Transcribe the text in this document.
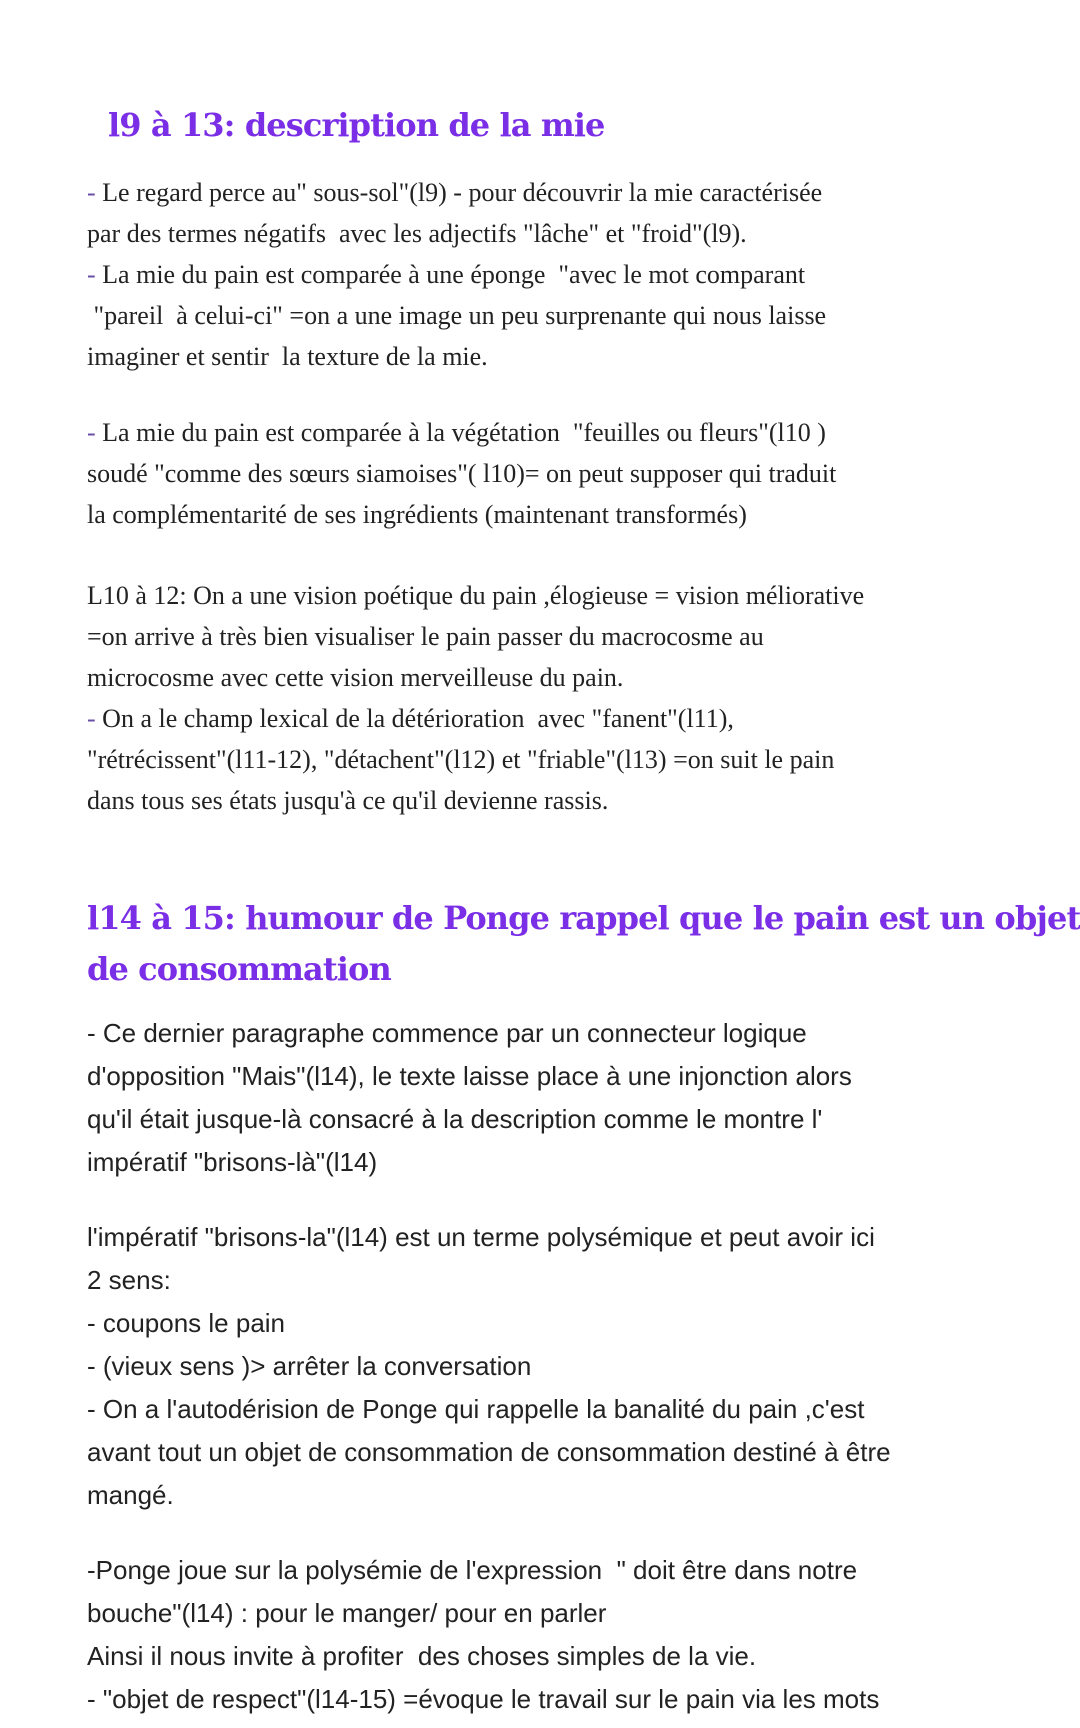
l9 à 13: description de la mie
- Le regard perce au" sous-sol"(l9) - pour découvrir la mie caractérisée
par des termes négatifs  avec les adjectifs "lâche" et "froid"(l9).
- La mie du pain est comparée à une éponge  "avec le mot comparant
"pareil  à celui-ci" =on a une image un peu surprenante qui nous laisse
imaginer et sentir  la texture de la mie.
- La mie du pain est comparée à la végétation  "feuilles ou fleurs"(l10 )
soudé "comme des sœurs siamoises"( l10)= on peut supposer qui traduit
la complémentarité de ses ingrédients (maintenant transformés)
L10 à 12: On a une vision poétique du pain ,élogieuse = vision méliorative
=on arrive à très bien visualiser le pain passer du macrocosme au
microcosme avec cette vision merveilleuse du pain.
- On a le champ lexical de la détérioration  avec "fanent"(l11),
"rétrécissent"(l11-12), "détachent"(l12) et "friable"(l13) =on suit le pain
dans tous ses états jusqu'à ce qu'il devienne rassis.
l14 à 15: humour de Ponge rappel que le pain est un objet
de consommation
- Ce dernier paragraphe commence par un connecteur logique
d'opposition "Mais"(l14), le texte laisse place à une injonction alors
qu'il était jusque-là consacré à la description comme le montre l'
impératif "brisons-là"(l14)
l'impératif "brisons-la"(l14) est un terme polysémique et peut avoir ici
2 sens:
- coupons le pain
- (vieux sens )> arrêter la conversation
- On a l'autodérision de Ponge qui rappelle la banalité du pain ,c'est
avant tout un objet de consommation de consommation destiné à être
mangé.
-Ponge joue sur la polysémie de l'expression  " doit être dans notre
bouche"(l14) : pour le manger/ pour en parler
Ainsi il nous invite à profiter  des choses simples de la vie.
- "objet de respect"(l14-15) =évoque le travail sur le pain via les mots
